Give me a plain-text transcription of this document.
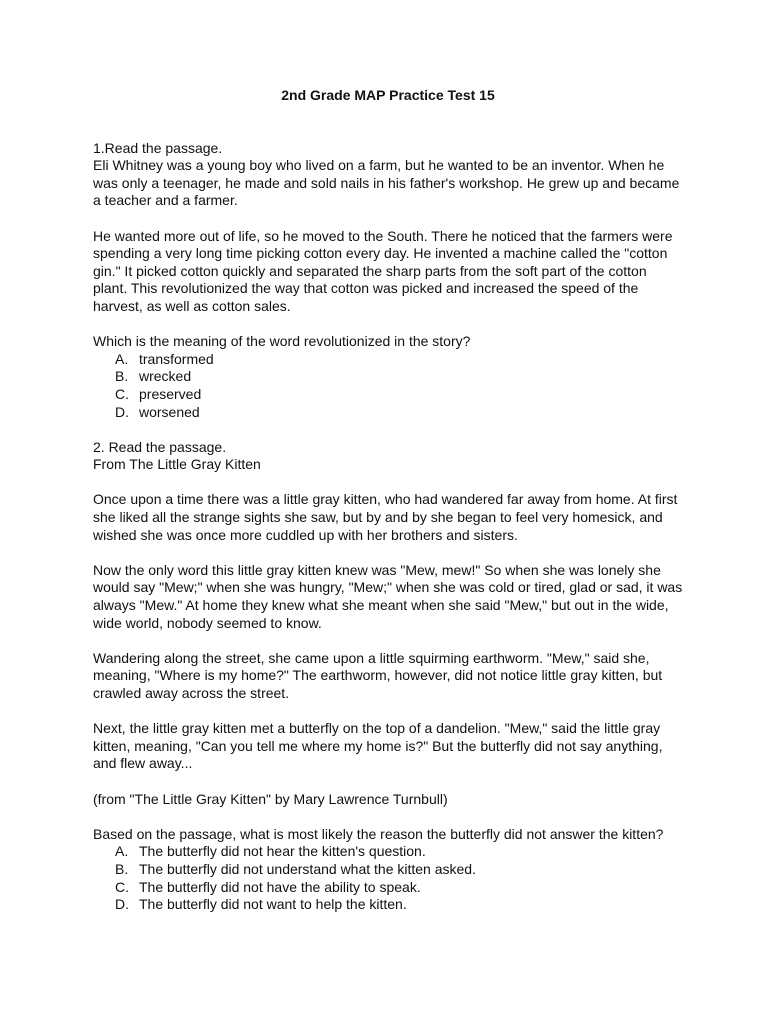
2nd Grade MAP Practice Test 15

1.Read the passage.

Eli Whitney was a young boy who lived on a farm, but he wanted to be an inventor. When he was only a teenager, he made and sold nails in his father's workshop. He grew up and became a teacher and a farmer.

He wanted more out of life, so he moved to the South. There he noticed that the farmers were spending a very long time picking cotton every day. He invented a machine called the "cotton gin." It picked cotton quickly and separated the sharp parts from the soft part of the cotton plant. This revolutionized the way that cotton was picked and increased the speed of the harvest, as well as cotton sales.

Which is the meaning of the word revolutionized in the story?

A. transformed
B. wrecked
C. preserved
D. worsened

2. Read the passage.

From The Little Gray Kitten

Once upon a time there was a little gray kitten, who had wandered far away from home. At first she liked all the strange sights she saw, but by and by she began to feel very homesick, and wished she was once more cuddled up with her brothers and sisters.

Now the only word this little gray kitten knew was "Mew, mew!" So when she was lonely she would say "Mew;" when she was hungry, "Mew;" when she was cold or tired, glad or sad, it was always "Mew." At home they knew what she meant when she said "Mew," but out in the wide, wide world, nobody seemed to know.

Wandering along the street, she came upon a little squirming earthworm. "Mew," said she, meaning, "Where is my home?" The earthworm, however, did not notice little gray kitten, but crawled away across the street.

Next, the little gray kitten met a butterfly on the top of a dandelion. "Mew," said the little gray kitten, meaning, "Can you tell me where my home is?" But the butterfly did not say anything, and flew away...

(from "The Little Gray Kitten" by Mary Lawrence Turnbull)

Based on the passage, what is most likely the reason the butterfly did not answer the kitten?

A. The butterfly did not hear the kitten's question.
B. The butterfly did not understand what the kitten asked.
C. The butterfly did not have the ability to speak.
D. The butterfly did not want to help the kitten.
